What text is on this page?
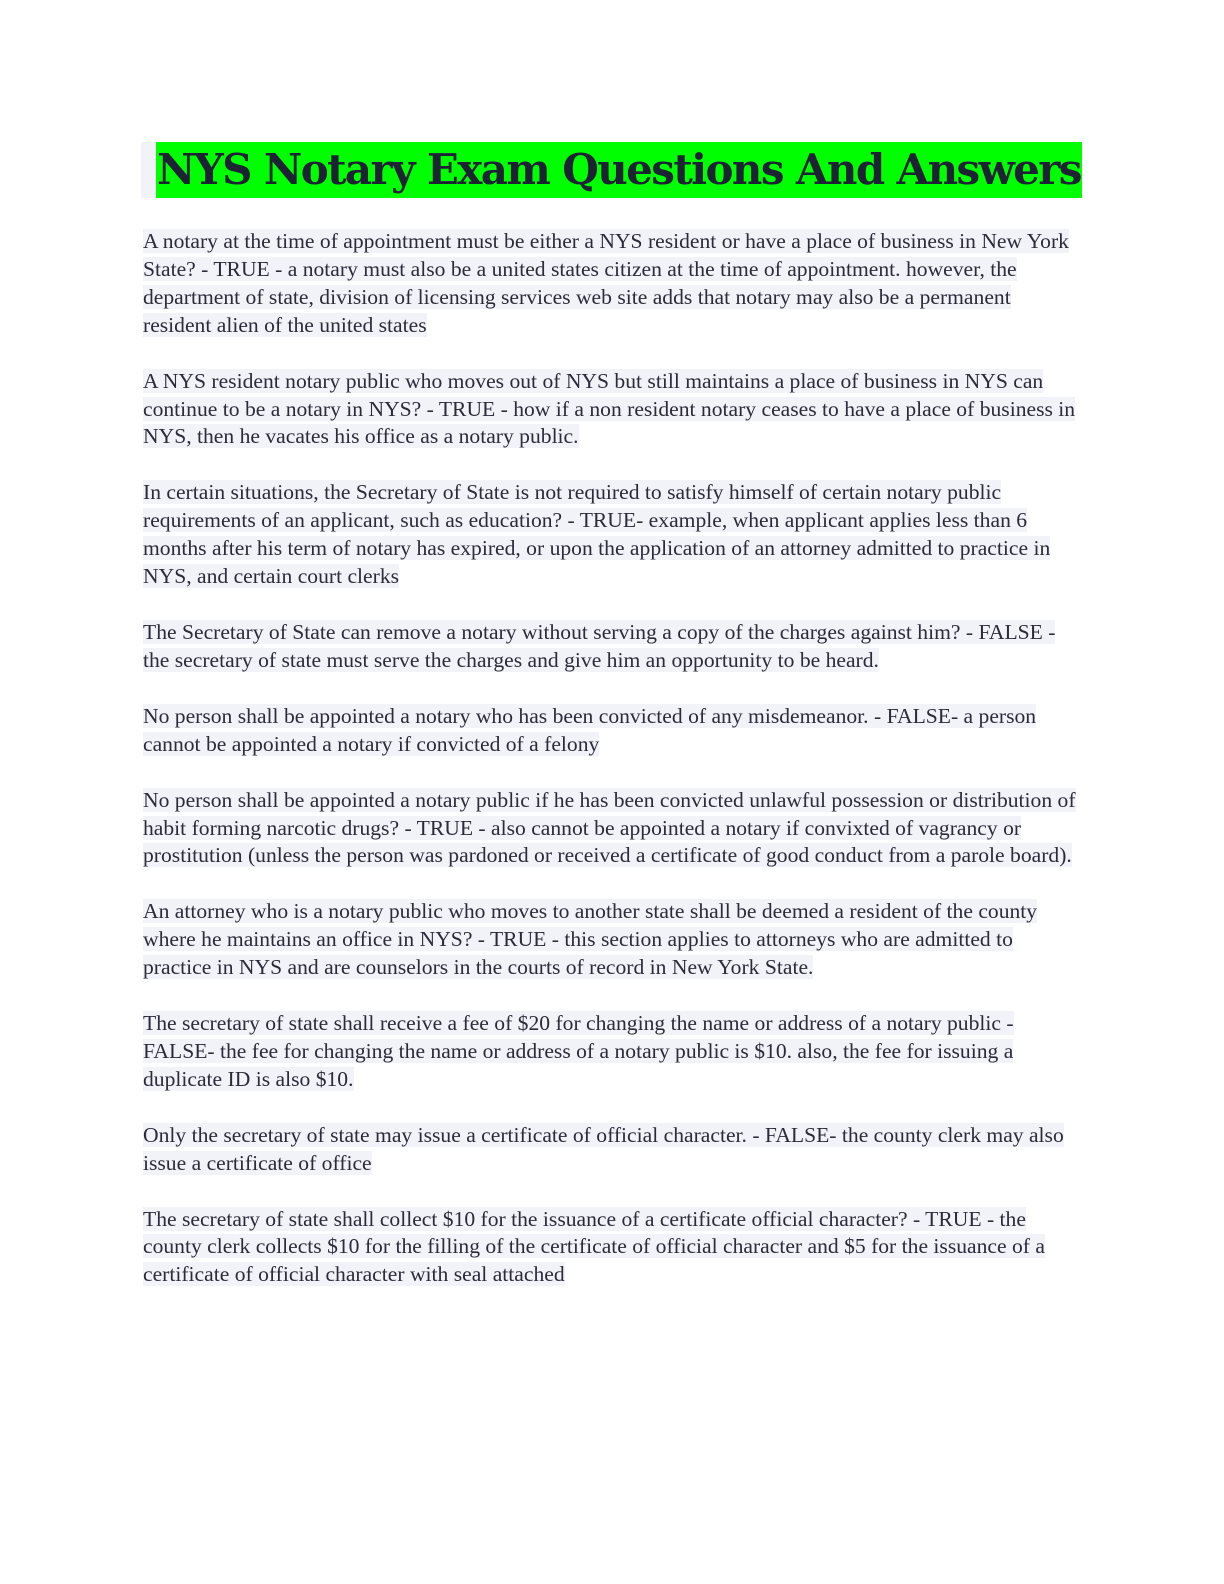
NYS Notary Exam Questions And Answers

A notary at the time of appointment must be either a NYS resident or have a place of business in New York State? - TRUE - a notary must also be a united states citizen at the time of appointment. however, the department of state, division of licensing services web site adds that notary may also be a permanent resident alien of the united states

A NYS resident notary public who moves out of NYS but still maintains a place of business in NYS can continue to be a notary in NYS? - TRUE - how if a non resident notary ceases to have a place of business in NYS, then he vacates his office as a notary public.

In certain situations, the Secretary of State is not required to satisfy himself of certain notary public requirements of an applicant, such as education? - TRUE- example, when applicant applies less than 6 months after his term of notary has expired, or upon the application of an attorney admitted to practice in NYS, and certain court clerks

The Secretary of State can remove a notary without serving a copy of the charges against him? - FALSE - the secretary of state must serve the charges and give him an opportunity to be heard.

No person shall be appointed a notary who has been convicted of any misdemeanor. - FALSE- a person cannot be appointed a notary if convicted of a felony

No person shall be appointed a notary public if he has been convicted unlawful possession or distribution of habit forming narcotic drugs? - TRUE - also cannot be appointed a notary if convixted of vagrancy or prostitution (unless the person was pardoned or received a certificate of good conduct from a parole board).

An attorney who is a notary public who moves to another state shall be deemed a resident of the county where he maintains an office in NYS? - TRUE - this section applies to attorneys who are admitted to practice in NYS and are counselors in the courts of record in New York State.

The secretary of state shall receive a fee of $20 for changing the name or address of a notary public - FALSE- the fee for changing the name or address of a notary public is $10. also, the fee for issuing a duplicate ID is also $10.

Only the secretary of state may issue a certificate of official character. - FALSE- the county clerk may also issue a certificate of office

The secretary of state shall collect $10 for the issuance of a certificate official character? - TRUE - the county clerk collects $10 for the filling of the certificate of official character and $5 for the issuance of a certificate of official character with seal attached
